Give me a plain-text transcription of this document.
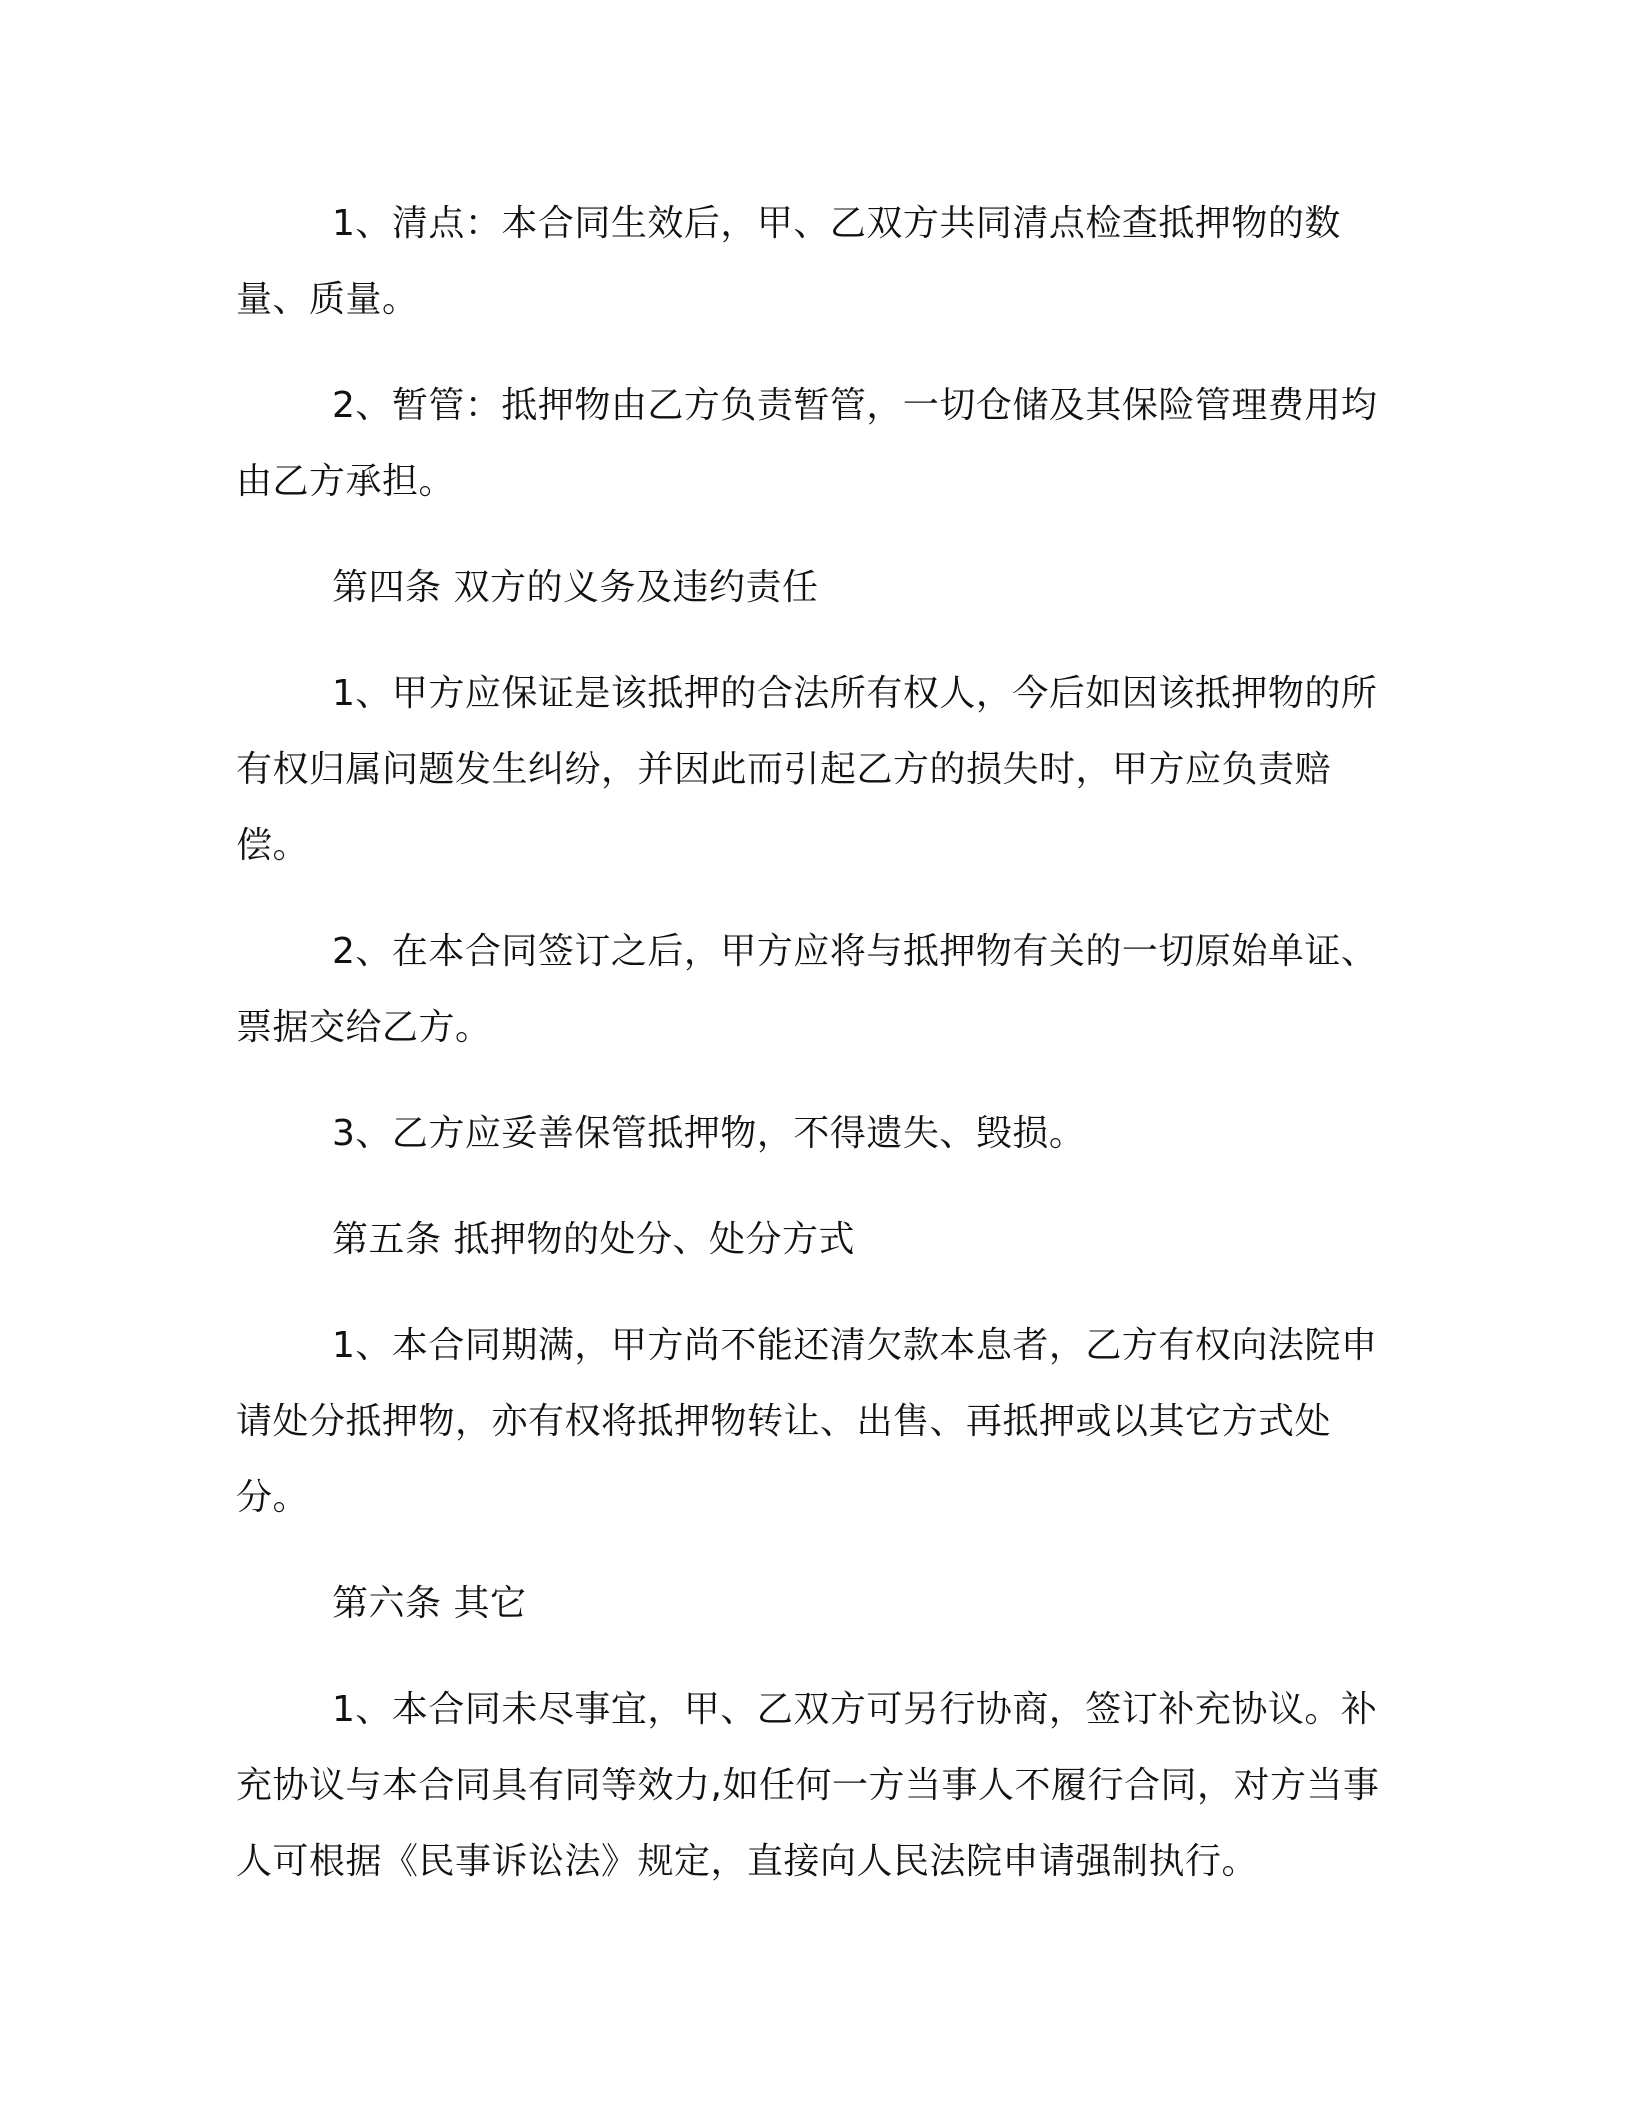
1、清点：本合同生效后，甲、乙双方共同清点检查抵押物的数量、质量。

2、暂管：抵押物由乙方负责暂管，一切仓储及其保险管理费用均由乙方承担。

第四条 双方的义务及违约责任

1、甲方应保证是该抵押的合法所有权人，今后如因该抵押物的所有权归属问题发生纠纷，并因此而引起乙方的损失时，甲方应负责赔偿。

2、在本合同签订之后，甲方应将与抵押物有关的一切原始单证、票据交给乙方。

3、乙方应妥善保管抵押物，不得遗失、毁损。

第五条 抵押物的处分、处分方式

1、本合同期满，甲方尚不能还清欠款本息者，乙方有权向法院申请处分抵押物，亦有权将抵押物转让、出售、再抵押或以其它方式处分。

第六条 其它

1、本合同未尽事宜，甲、乙双方可另行协商，签订补充协议。补充协议与本合同具有同等效力,如任何一方当事人不履行合同，对方当事人可根据《民事诉讼法》规定，直接向人民法院申请强制执行。
